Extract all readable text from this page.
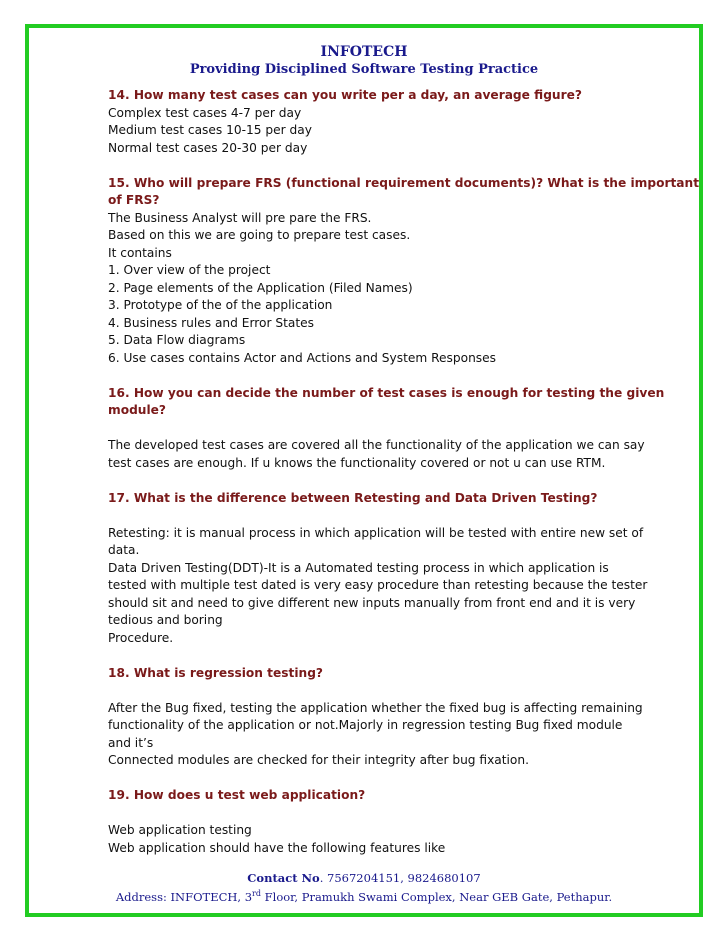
INFOTECH
Providing Disciplined Software Testing Practice
14. How many test cases can you write per a day, an average figure?
Complex test cases 4-7 per day
Medium test cases 10-15 per day
Normal test cases 20-30 per day
15. Who will prepare FRS (functional requirement documents)? What is the important
of FRS?
The Business Analyst will pre pare the FRS.
Based on this we are going to prepare test cases.
It contains
1. Over view of the project
2. Page elements of the Application (Filed Names)
3. Prototype of the of the application
4. Business rules and Error States
5. Data Flow diagrams
6. Use cases contains Actor and Actions and System Responses
16. How you can decide the number of test cases is enough for testing the given
module?
The developed test cases are covered all the functionality of the application we can say
test cases are enough. If u knows the functionality covered or not u can use RTM.
17. What is the difference between Retesting and Data Driven Testing?
Retesting: it is manual process in which application will be tested with entire new set of
data.
Data Driven Testing(DDT)-It is a Automated testing process in which application is
tested with multiple test dated is very easy procedure than retesting because the tester
should sit and need to give different new inputs manually from front end and it is very
tedious and boring
Procedure.
18. What is regression testing?
After the Bug fixed, testing the application whether the fixed bug is affecting remaining
functionality of the application or not.Majorly in regression testing Bug fixed module
and it’s
Connected modules are checked for their integrity after bug fixation.
19. How does u test web application?
Web application testing
Web application should have the following features like
Contact No. 7567204151, 9824680107
Address: INFOTECH, 3rd Floor, Pramukh Swami Complex, Near GEB Gate, Pethapur.
